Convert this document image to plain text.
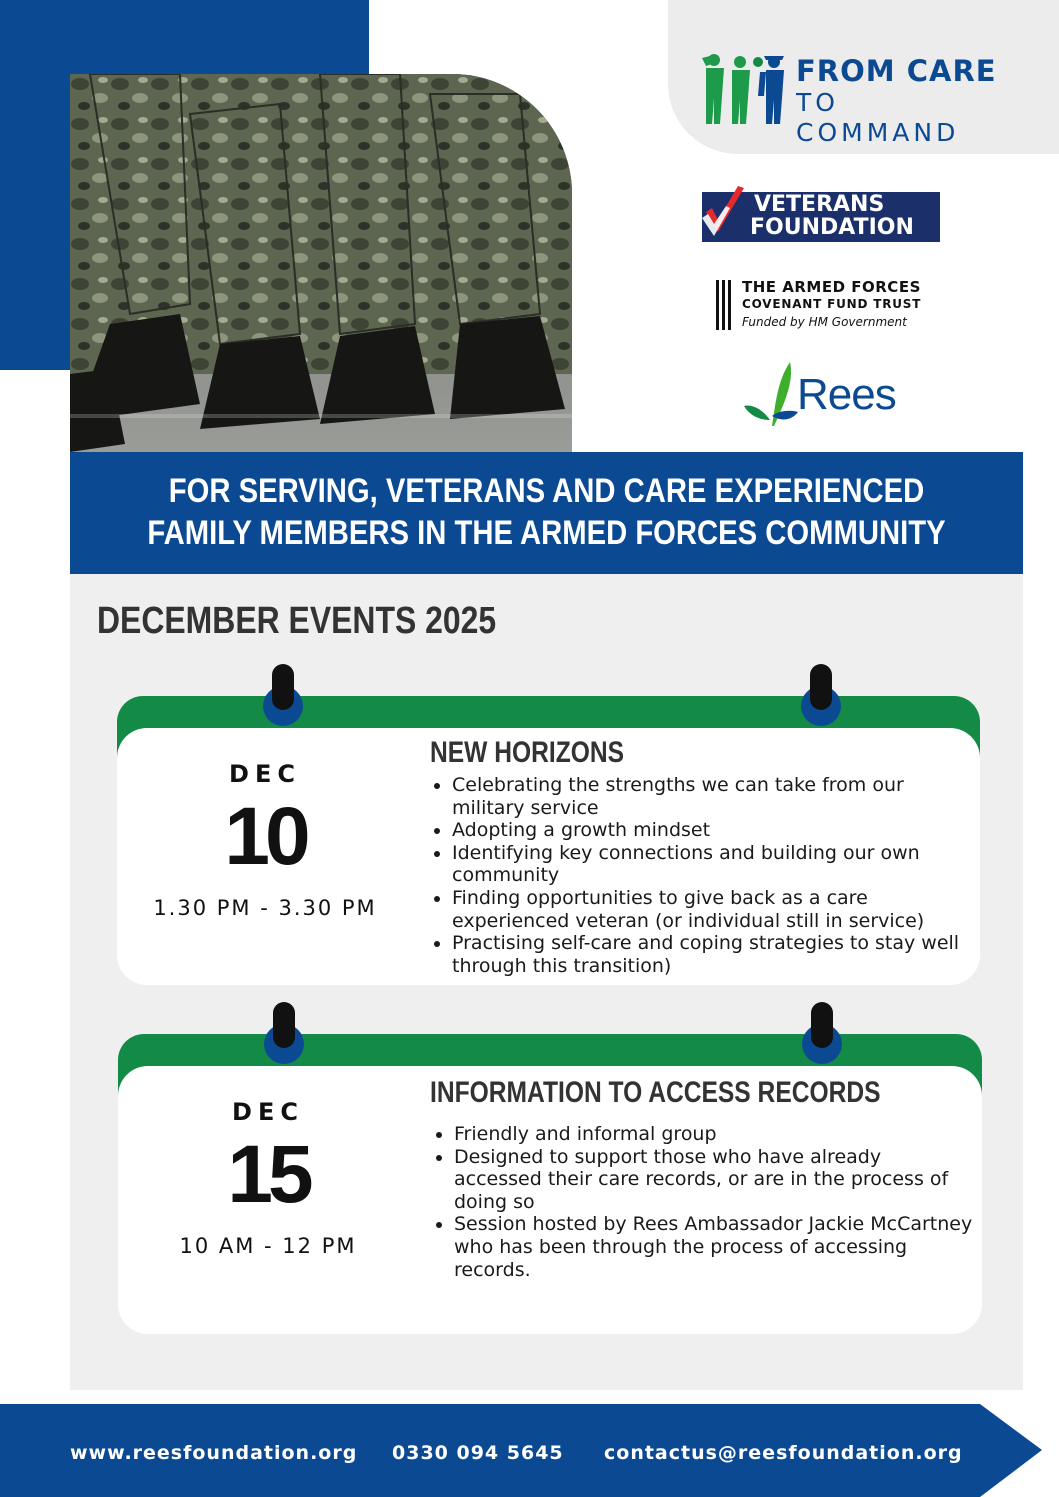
FROM CARE
TO COMMAND
VETERANS
FOUNDATION
THE ARMED FORCES
COVENANT FUND TRUST
Funded by HM Government
Rees
FOR SERVING, VETERANS AND CARE EXPERIENCED
FAMILY MEMBERS IN THE ARMED FORCES COMMUNITY
DECEMBER EVENTS 2025
DEC
10
1.30 PM - 3.30 PM
NEW HORIZONS
• Celebrating the strengths we can take from our military service
• Adopting a growth mindset
• Identifying key connections and building our own community
• Finding opportunities to give back as a care experienced veteran (or individual still in service)
• Practising self-care and coping strategies to stay well through this transition)
DEC
15
10 AM - 12 PM
INFORMATION TO ACCESS RECORDS
• Friendly and informal group
• Designed to support those who have already accessed their care records, or are in the process of doing so
• Session hosted by Rees Ambassador Jackie McCartney who has been through the process of accessing records.
www.reesfoundation.org 0330 094 5645 contactus@reesfoundation.org
